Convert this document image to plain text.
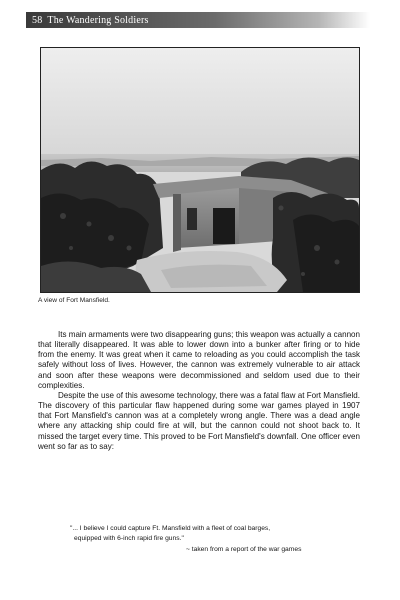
58 The Wandering Soldiers
A view of Fort Mansfield.

Its main armaments were two disappearing guns; this weapon was actually a cannon that literally disappeared. It was able to lower down into a bunker after firing or to hide from the enemy. It was great when it came to reloading as you could accomplish the task safely without loss of lives. However, the cannon was extremely vulnerable to air attack and soon after these weapons were decommissioned and seldom used due to their complexities.

Despite the use of this awesome technology, there was a fatal flaw at Fort Mansfield. The discovery of this particular flaw happened during some war games played in 1907 that Fort Mansfield's cannon was at a completely wrong angle. There was a dead angle where any attacking ship could fire at will, but the cannon could not shoot back to. It missed the target every time. This proved to be Fort Mansfield's downfall. One officer even went so far as to say:

"... I believe I could capture Ft. Mansfield with a fleet of coal barges,
equipped with 6-inch rapid fire guns."
~ taken from a report of the war games
